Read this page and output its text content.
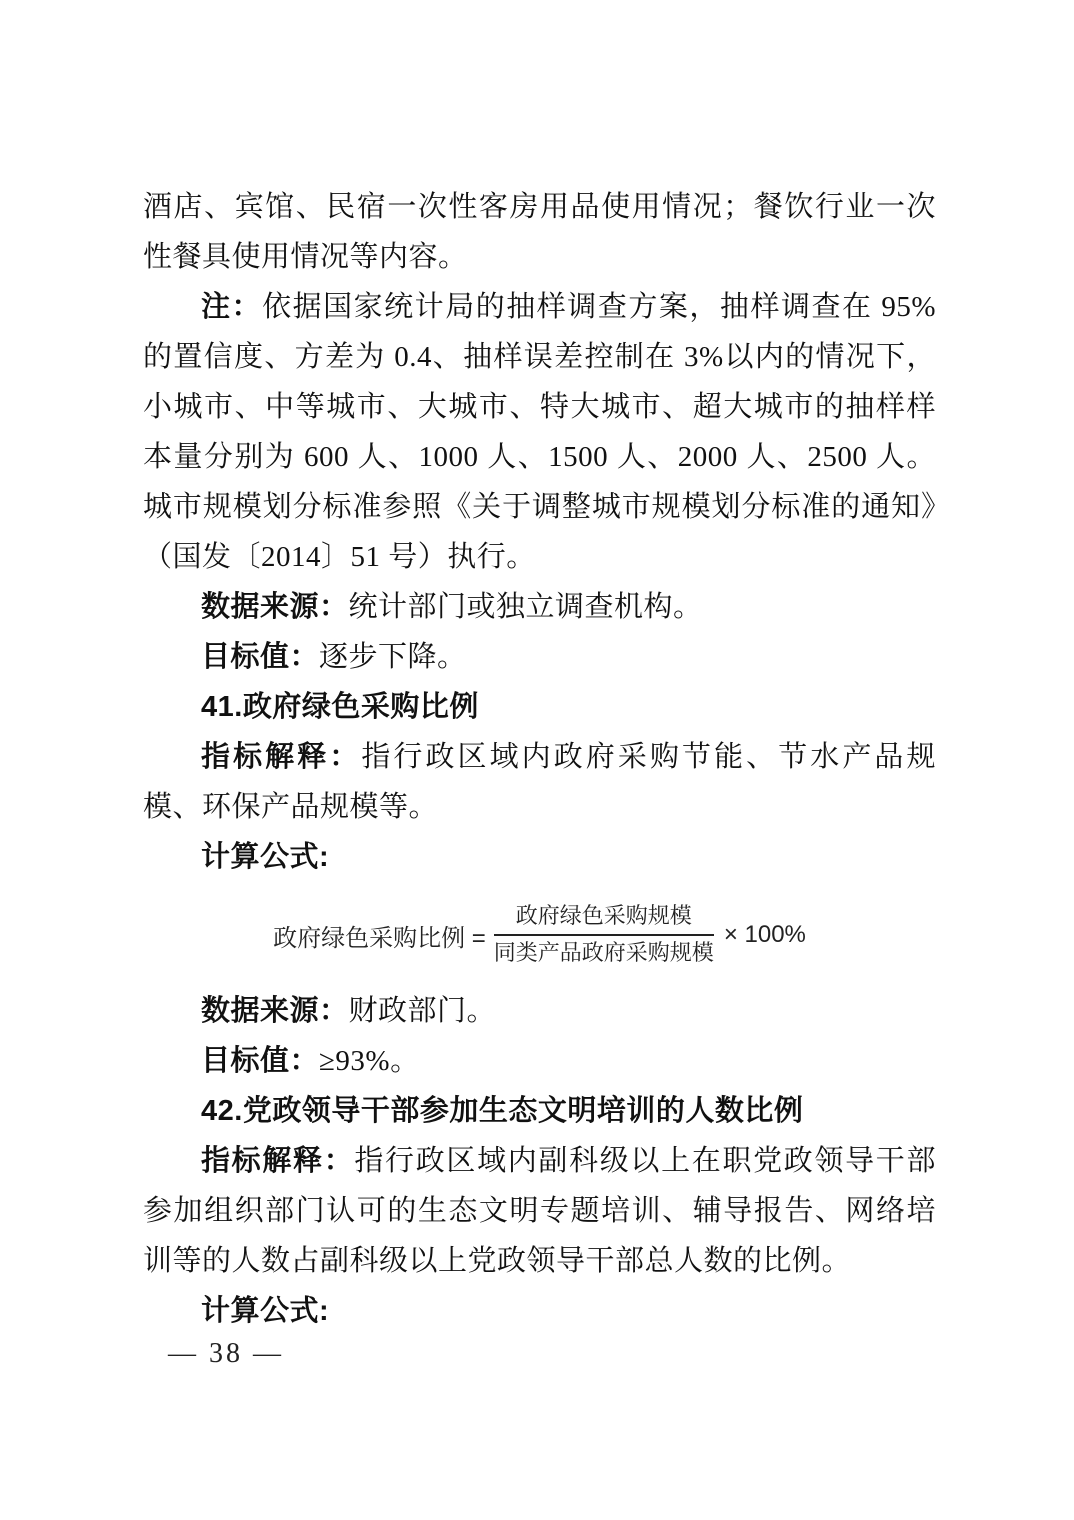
酒店、宾馆、民宿一次性客房用品使用情况；餐饮行业一次性餐具使用情况等内容。

注：依据国家统计局的抽样调查方案，抽样调查在 95%的置信度、方差为 0.4、抽样误差控制在 3%以内的情况下，小城市、中等城市、大城市、特大城市、超大城市的抽样样本量分别为 600 人、1000 人、1500 人、2000 人、2500 人。城市规模划分标准参照《关于调整城市规模划分标准的通知》（国发〔2014〕51 号）执行。

数据来源：统计部门或独立调查机构。

目标值：逐步下降。

41.政府绿色采购比例

指标解释：指行政区域内政府采购节能、节水产品规模、环保产品规模等。

计算公式:

政府绿色采购比例 = $\frac{\text{政府绿色采购规模}}{\text{同类产品政府采购规模}} \times 100\%$

数据来源：财政部门。

目标值：≥93%。

42.党政领导干部参加生态文明培训的人数比例

指标解释：指行政区域内副科级以上在职党政领导干部参加组织部门认可的生态文明专题培训、辅导报告、网络培训等的人数占副科级以上党政领导干部总人数的比例。

计算公式:

— 38 —
